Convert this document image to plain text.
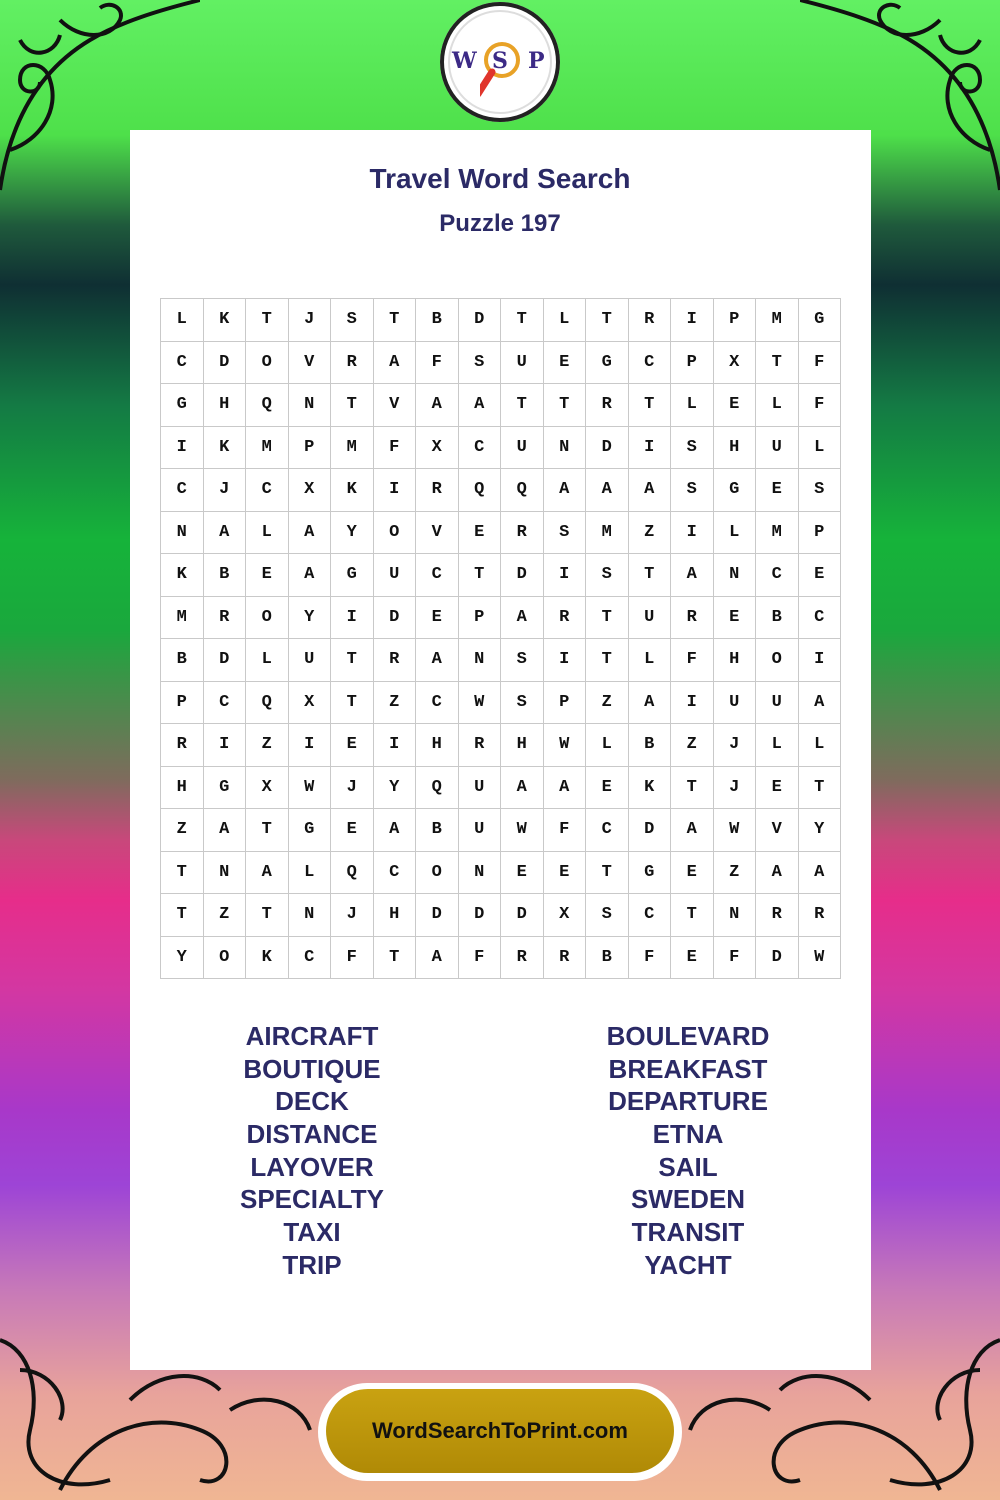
W S P
Travel Word Search
Puzzle 197
L	K	T	J	S	T	B	D	T	L	T	R	I	P	M	G
C	D	O	V	R	A	F	S	U	E	G	C	P	X	T	F
G	H	Q	N	T	V	A	A	T	T	R	T	L	E	L	F
I	K	M	P	M	F	X	C	U	N	D	I	S	H	U	L
C	J	C	X	K	I	R	Q	Q	A	A	A	S	G	E	S
N	A	L	A	Y	O	V	E	R	S	M	Z	I	L	M	P
K	B	E	A	G	U	C	T	D	I	S	T	A	N	C	E
M	R	O	Y	I	D	E	P	A	R	T	U	R	E	B	C
B	D	L	U	T	R	A	N	S	I	T	L	F	H	O	I
P	C	Q	X	T	Z	C	W	S	P	Z	A	I	U	U	A
R	I	Z	I	E	I	H	R	H	W	L	B	Z	J	L	L
H	G	X	W	J	Y	Q	U	A	A	E	K	T	J	E	T
Z	A	T	G	E	A	B	U	W	F	C	D	A	W	V	Y
T	N	A	L	Q	C	O	N	E	E	T	G	E	Z	A	A
T	Z	T	N	J	H	D	D	D	X	S	C	T	N	R	R
Y	O	K	C	F	T	A	F	R	R	B	F	E	F	D	W
AIRCRAFT
BOUTIQUE
DECK
DISTANCE
LAYOVER
SPECIALTY
TAXI
TRIP
BOULEVARD
BREAKFAST
DEPARTURE
ETNA
SAIL
SWEDEN
TRANSIT
YACHT
WordSearchToPrint.com
